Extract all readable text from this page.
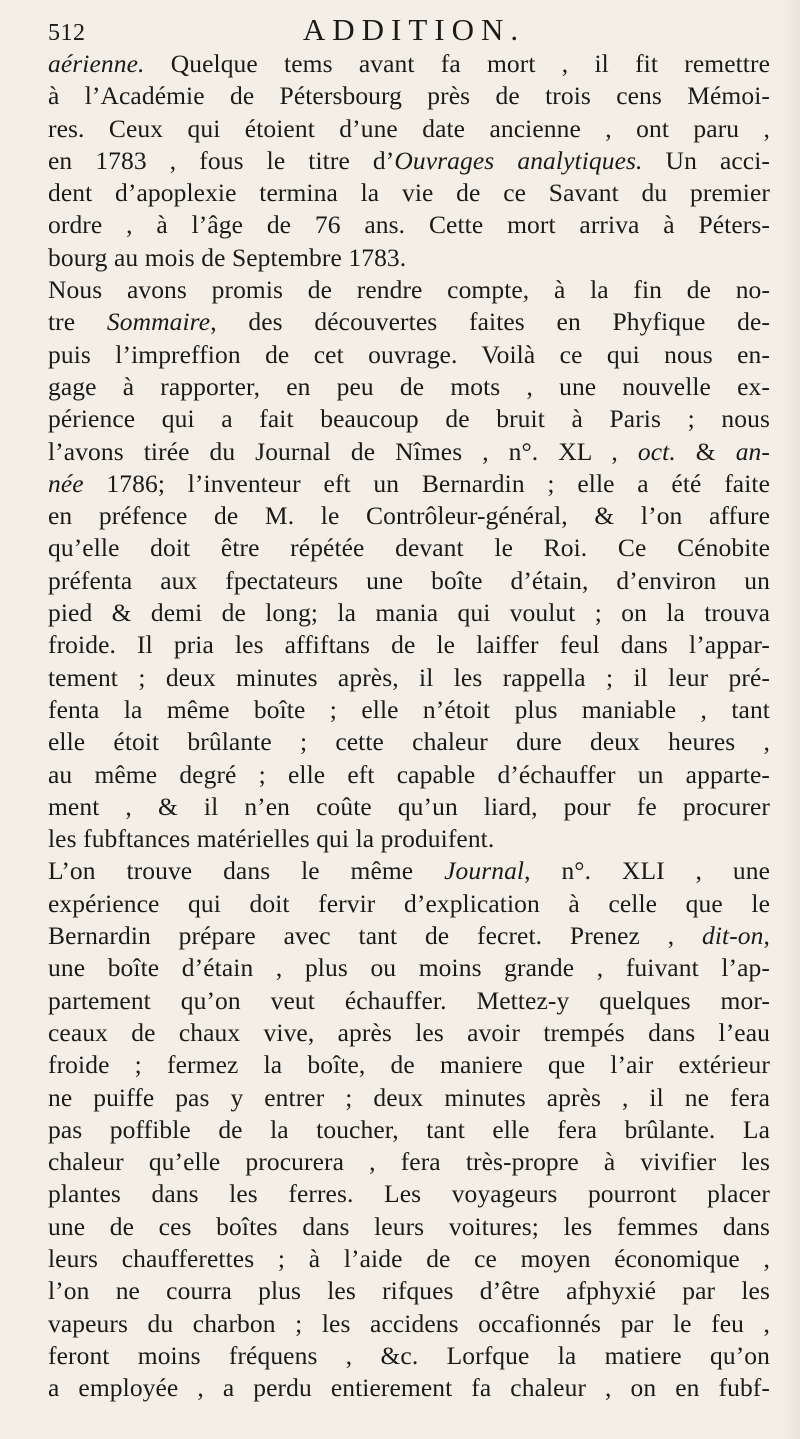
512	ADDITION.
aérienne. Quelque tems avant fa mort , il fit remettre
à l’Académie de Pétersbourg près de trois cens Mémoi-
res. Ceux qui étoient d’une date ancienne , ont paru ,
en 1783 , fous le titre d’Ouvrages analytiques. Un acci-
dent d’apoplexie termina la vie de ce Savant du premier
ordre , à l’âge de 76 ans. Cette mort arriva à Péters-
bourg au mois de Septembre 1783.
Nous avons promis de rendre compte, à la fin de no-
tre Sommaire, des découvertes faites en Phyfique de-
puis l’impreffion de cet ouvrage. Voilà ce qui nous en-
gage à rapporter, en peu de mots , une nouvelle ex-
périence qui a fait beaucoup de bruit à Paris ; nous
l’avons tirée du Journal de Nîmes , n°. XL , oct. & an-
née 1786; l’inventeur eft un Bernardin ; elle a été faite
en préfence de M. le Contrôleur-général, & l’on affure
qu’elle doit être répétée devant le Roi. Ce Cénobite
préfenta aux fpectateurs une boîte d’étain, d’environ un
pied & demi de long; la mania qui voulut ; on la trouva
froide. Il pria les affiftans de le laiffer feul dans l’appar-
tement ; deux minutes après, il les rappella ; il leur pré-
fenta la même boîte ; elle n’étoit plus maniable , tant
elle étoit brûlante ; cette chaleur dure deux heures ,
au même degré ; elle eft capable d’échauffer un apparte-
ment , & il n’en coûte qu’un liard, pour fe procurer
les fubftances matérielles qui la produifent.
L’on trouve dans le même Journal, n°. XLI , une
expérience qui doit fervir d’explication à celle que le
Bernardin prépare avec tant de fecret. Prenez , dit-on,
une boîte d’étain , plus ou moins grande , fuivant l’ap-
partement qu’on veut échauffer. Mettez-y quelques mor-
ceaux de chaux vive, après les avoir trempés dans l’eau
froide ; fermez la boîte, de maniere que l’air extérieur
ne puiffe pas y entrer ; deux minutes après , il ne fera
pas poffible de la toucher, tant elle fera brûlante. La
chaleur qu’elle procurera , fera très-propre à vivifier les
plantes dans les ferres. Les voyageurs pourront placer
une de ces boîtes dans leurs voitures; les femmes dans
leurs chaufferettes ; à l’aide de ce moyen économique ,
l’on ne courra plus les rifques d’être afphyxié par les
vapeurs du charbon ; les accidens occafionnés par le feu ,
feront moins fréquens , &c. Lorfque la matiere qu’on
a employée , a perdu entierement fa chaleur , on en fubf-
